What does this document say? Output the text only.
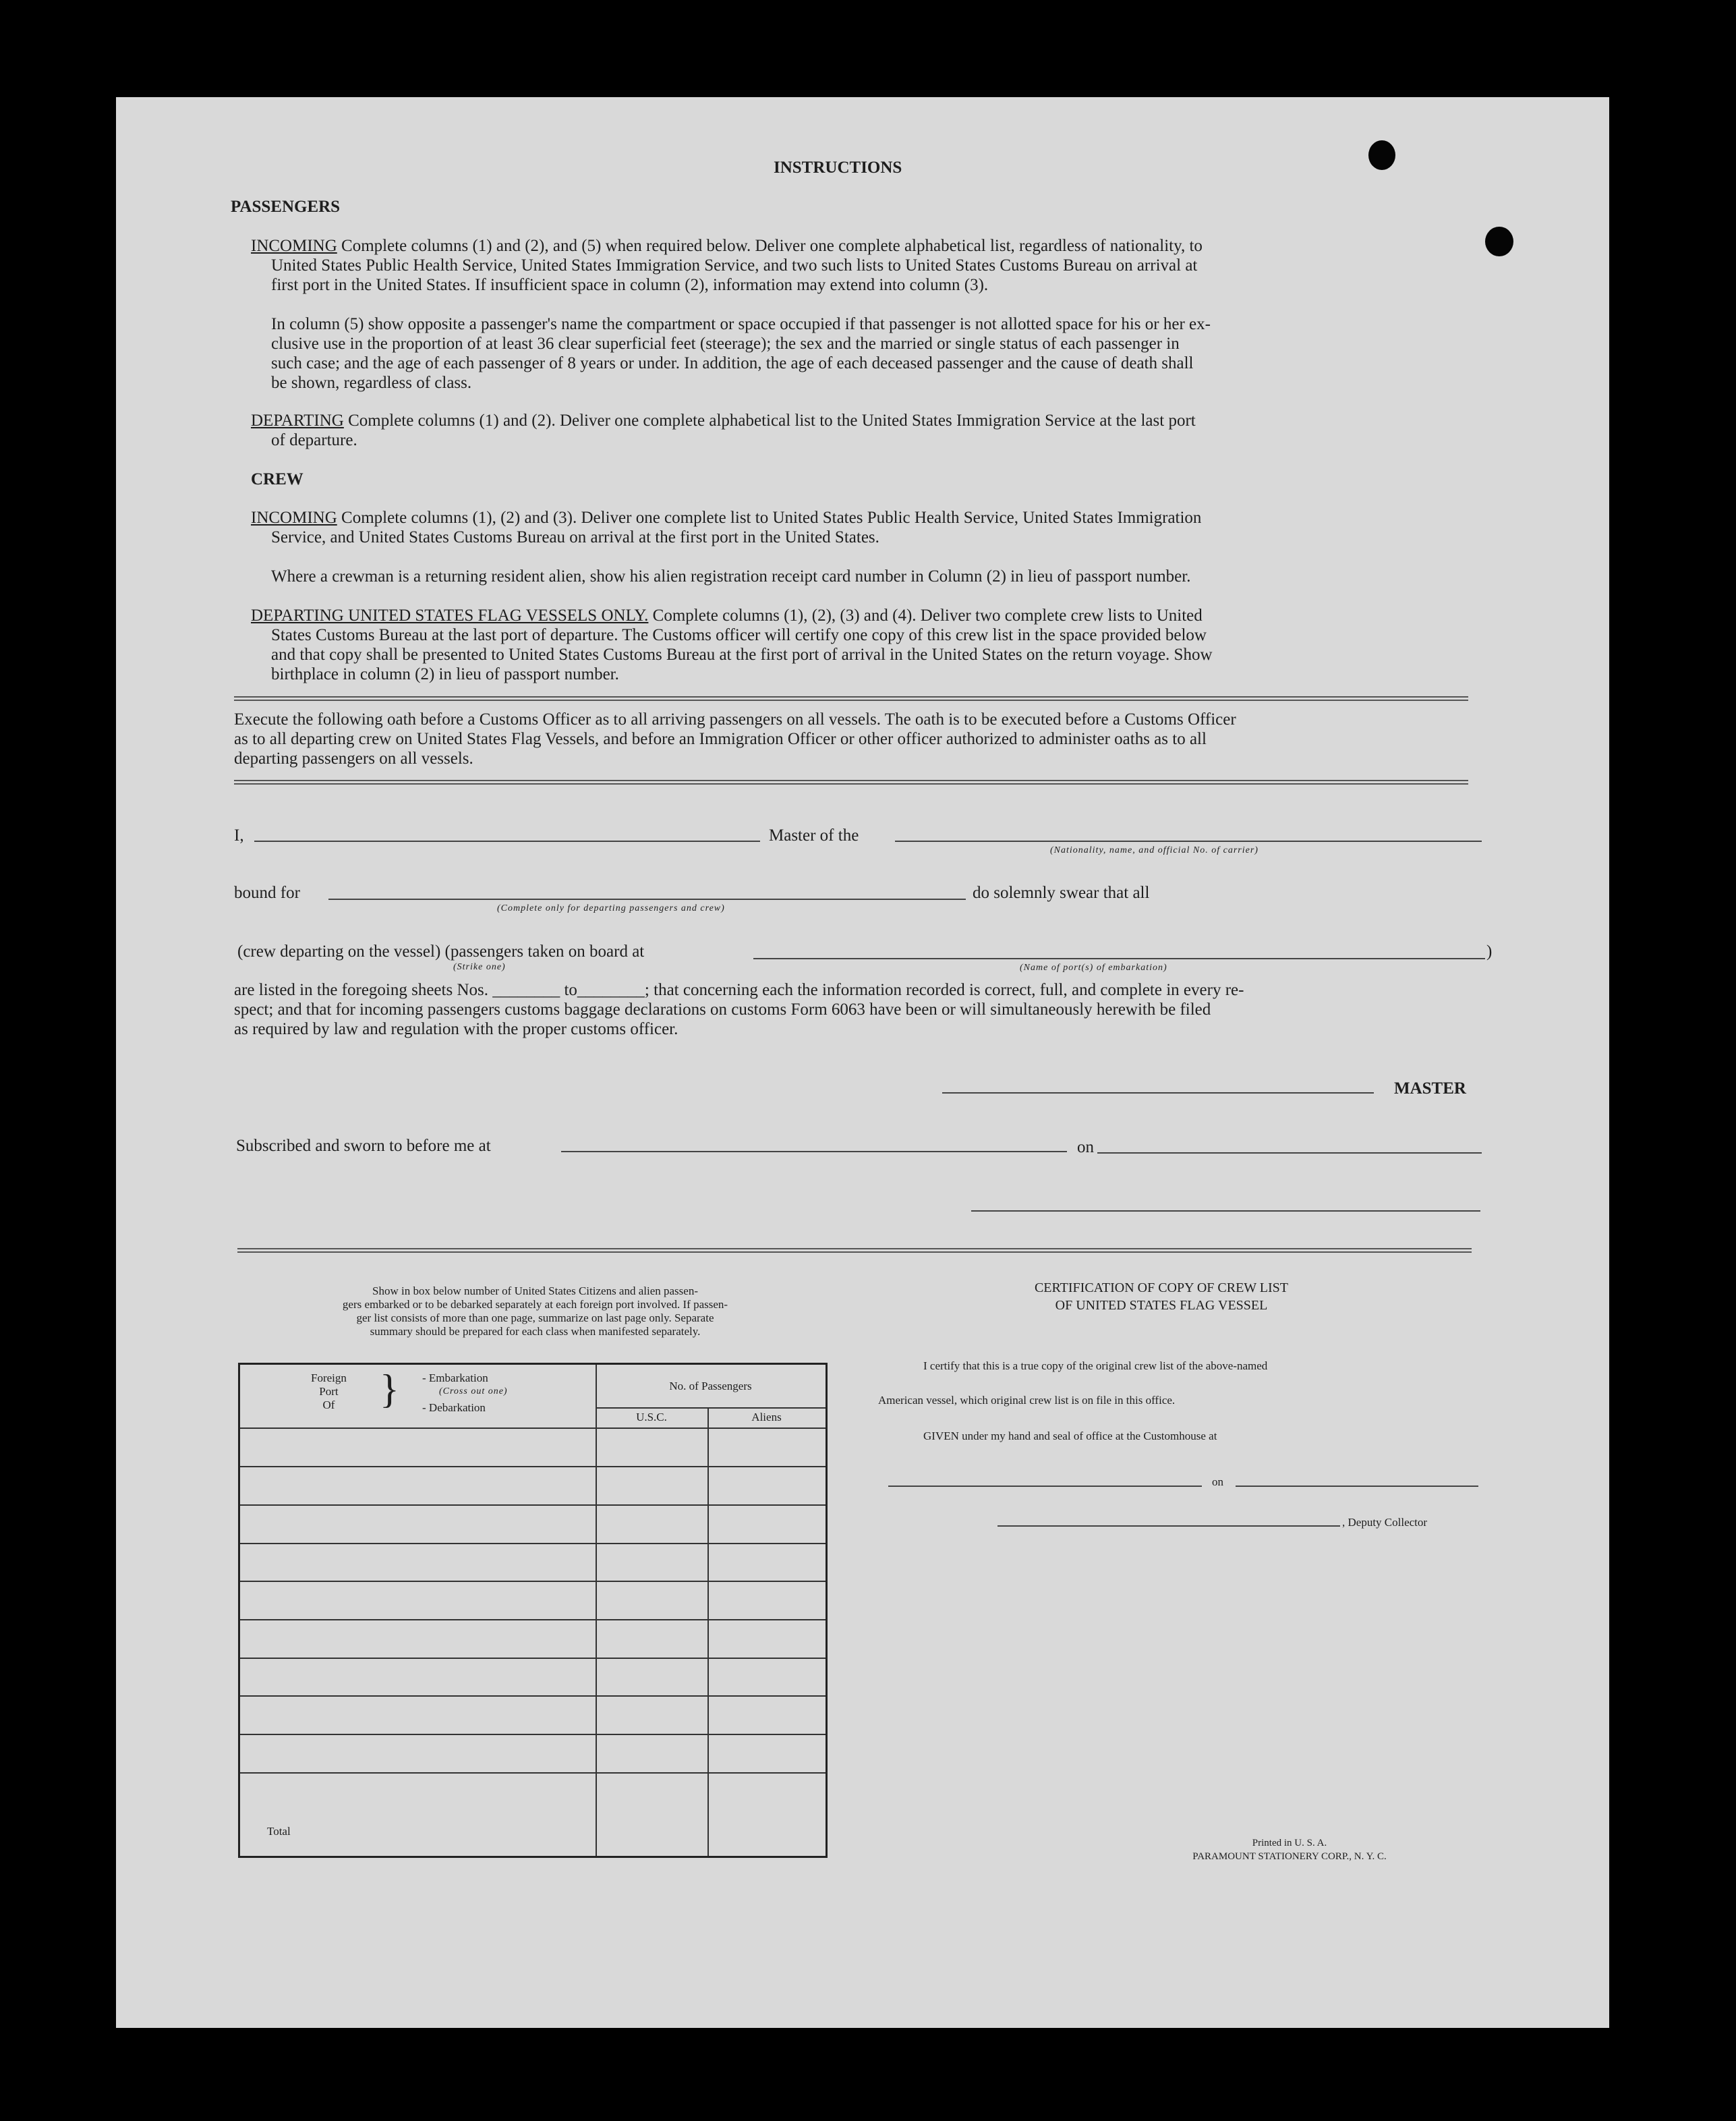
INSTRUCTIONS
PASSENGERS
INCOMING Complete columns (1) and (2), and (5) when required below. Deliver one complete alphabetical list, regardless of nationality, to
United States Public Health Service, United States Immigration Service, and two such lists to United States Customs Bureau on arrival at
first port in the United States. If insufficient space in column (2), information may extend into column (3).
In column (5) show opposite a passenger's name the compartment or space occupied if that passenger is not allotted space for his or her ex-
clusive use in the proportion of at least 36 clear superficial feet (steerage); the sex and the married or single status of each passenger in
such case; and the age of each passenger of 8 years or under. In addition, the age of each deceased passenger and the cause of death shall
be shown, regardless of class.
DEPARTING Complete columns (1) and (2). Deliver one complete alphabetical list to the United States Immigration Service at the last port
of departure.
CREW
INCOMING Complete columns (1), (2) and (3). Deliver one complete list to United States Public Health Service, United States Immigration
Service, and United States Customs Bureau on arrival at the first port in the United States.
Where a crewman is a returning resident alien, show his alien registration receipt card number in Column (2) in lieu of passport number.
DEPARTING UNITED STATES FLAG VESSELS ONLY. Complete columns (1), (2), (3) and (4). Deliver two complete crew lists to United
States Customs Bureau at the last port of departure. The Customs officer will certify one copy of this crew list in the space provided below
and that copy shall be presented to United States Customs Bureau at the first port of arrival in the United States on the return voyage. Show
birthplace in column (2) in lieu of passport number.
Execute the following oath before a Customs Officer as to all arriving passengers on all vessels. The oath is to be executed before a Customs Officer
as to all departing crew on United States Flag Vessels, and before an Immigration Officer or other officer authorized to administer oaths as to all
departing passengers on all vessels.
I,	Master of the
(Nationality, name, and official No. of carrier)
bound for
(Complete only for departing passengers and crew)
do solemnly swear that all
(crew departing on the vessel) (passengers taken on board at
(Strike one)
)
(Name of port(s) of embarkation)
are listed in the foregoing sheets Nos. ________ to________; that concerning each the information recorded is correct, full, and complete in every re-
spect; and that for incoming passengers customs baggage declarations on customs Form 6063 have been or will simultaneously herewith be filed
as required by law and regulation with the proper customs officer.
MASTER
Subscribed and sworn to before me at	on
Show in box below number of United States Citizens and alien passen-
gers embarked or to be debarked separately at each foreign port involved. If passen-
ger list consists of more than one page, summarize on last page only. Separate
summary should be prepared for each class when manifested separately.
Foreign
Port
Of } - Embarkation
(Cross out one)
- Debarkation
No. of Passengers
U.S.C.	Aliens
Total
CERTIFICATION OF COPY OF CREW LIST
OF UNITED STATES FLAG VESSEL
I certify that this is a true copy of the original crew list of the above-named
American vessel, which original crew list is on file in this office.
GIVEN under my hand and seal of office at the Customhouse at
on
, Deputy Collector
Printed in U. S. A.
PARAMOUNT STATIONERY CORP., N. Y. C.
